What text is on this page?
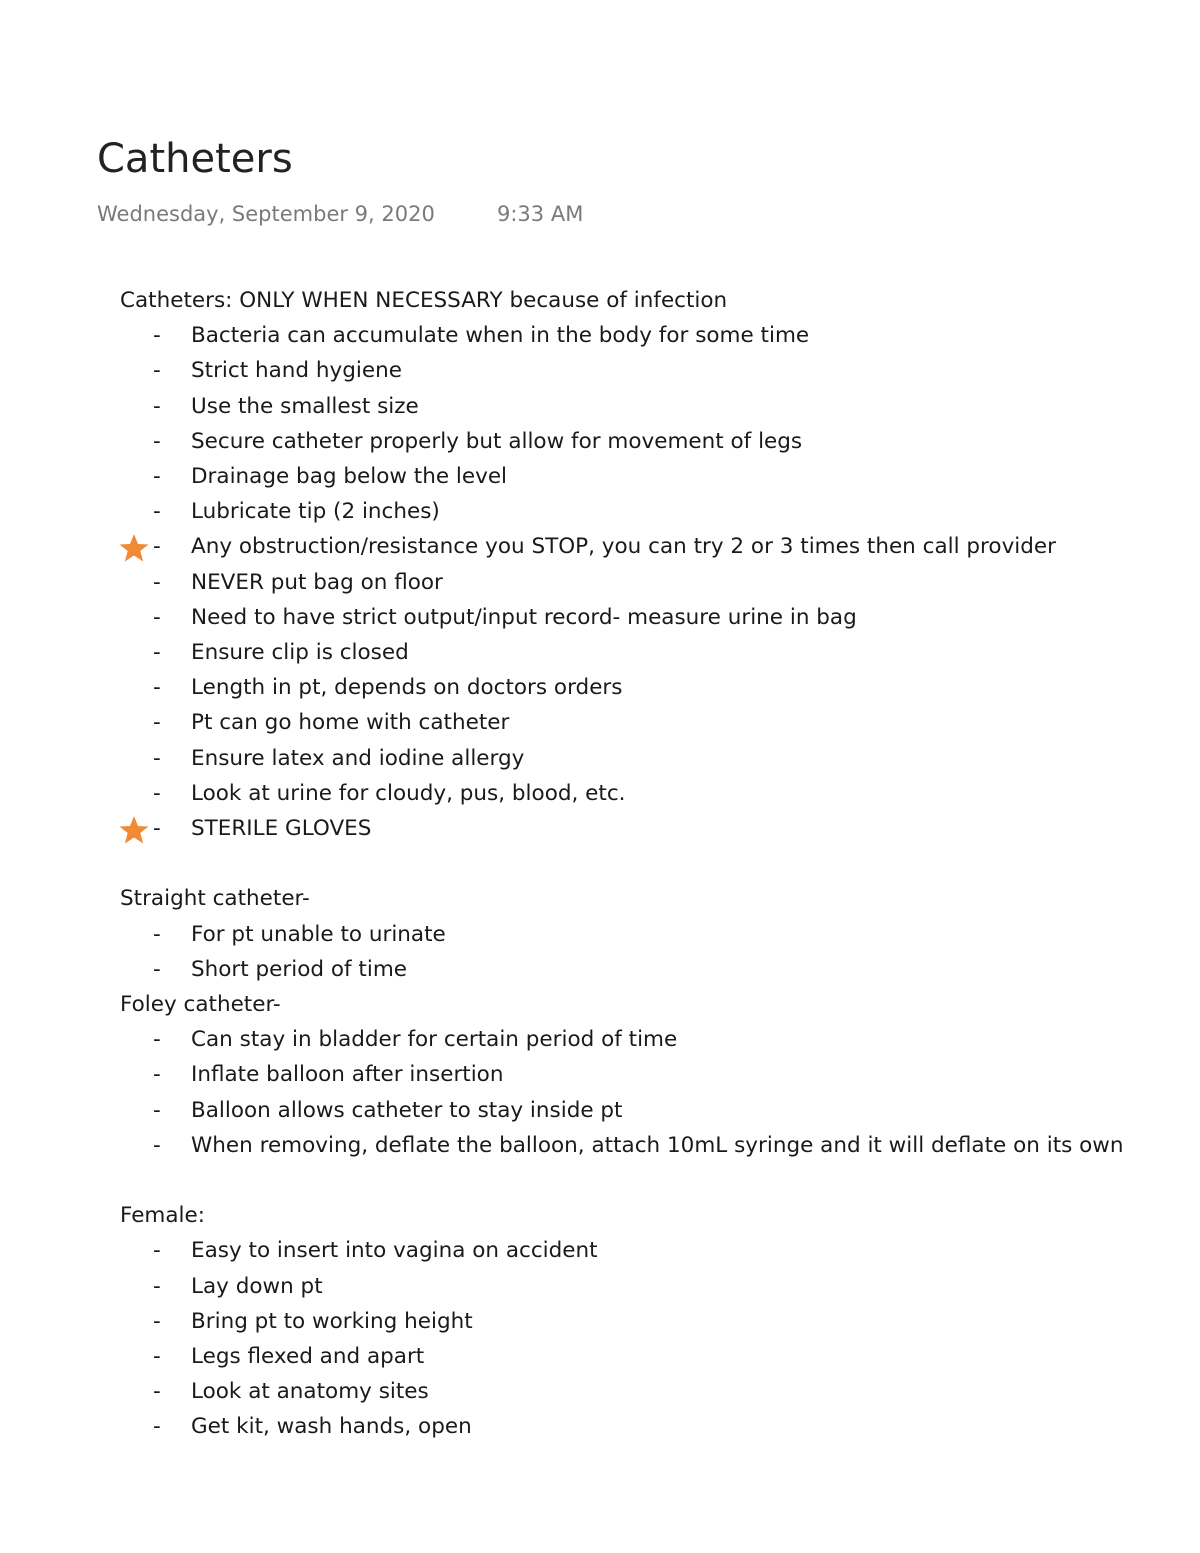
Catheters
Wednesday, September 9, 2020	9:33 AM
Catheters: ONLY WHEN NECESSARY because of infection
- Bacteria can accumulate when in the body for some time
- Strict hand hygiene
- Use the smallest size
- Secure catheter properly but allow for movement of legs
- Drainage bag below the level
- Lubricate tip (2 inches)
- Any obstruction/resistance you STOP, you can try 2 or 3 times then call provider
- NEVER put bag on floor
- Need to have strict output/input record- measure urine in bag
- Ensure clip is closed
- Length in pt, depends on doctors orders
- Pt can go home with catheter
- Ensure latex and iodine allergy
- Look at urine for cloudy, pus, blood, etc.
- STERILE GLOVES
Straight catheter-
- For pt unable to urinate
- Short period of time
Foley catheter-
- Can stay in bladder for certain period of time
- Inflate balloon after insertion
- Balloon allows catheter to stay inside pt
- When removing, deflate the balloon, attach 10mL syringe and it will deflate on its own
Female:
- Easy to insert into vagina on accident
- Lay down pt
- Bring pt to working height
- Legs flexed and apart
- Look at anatomy sites
- Get kit, wash hands, open
